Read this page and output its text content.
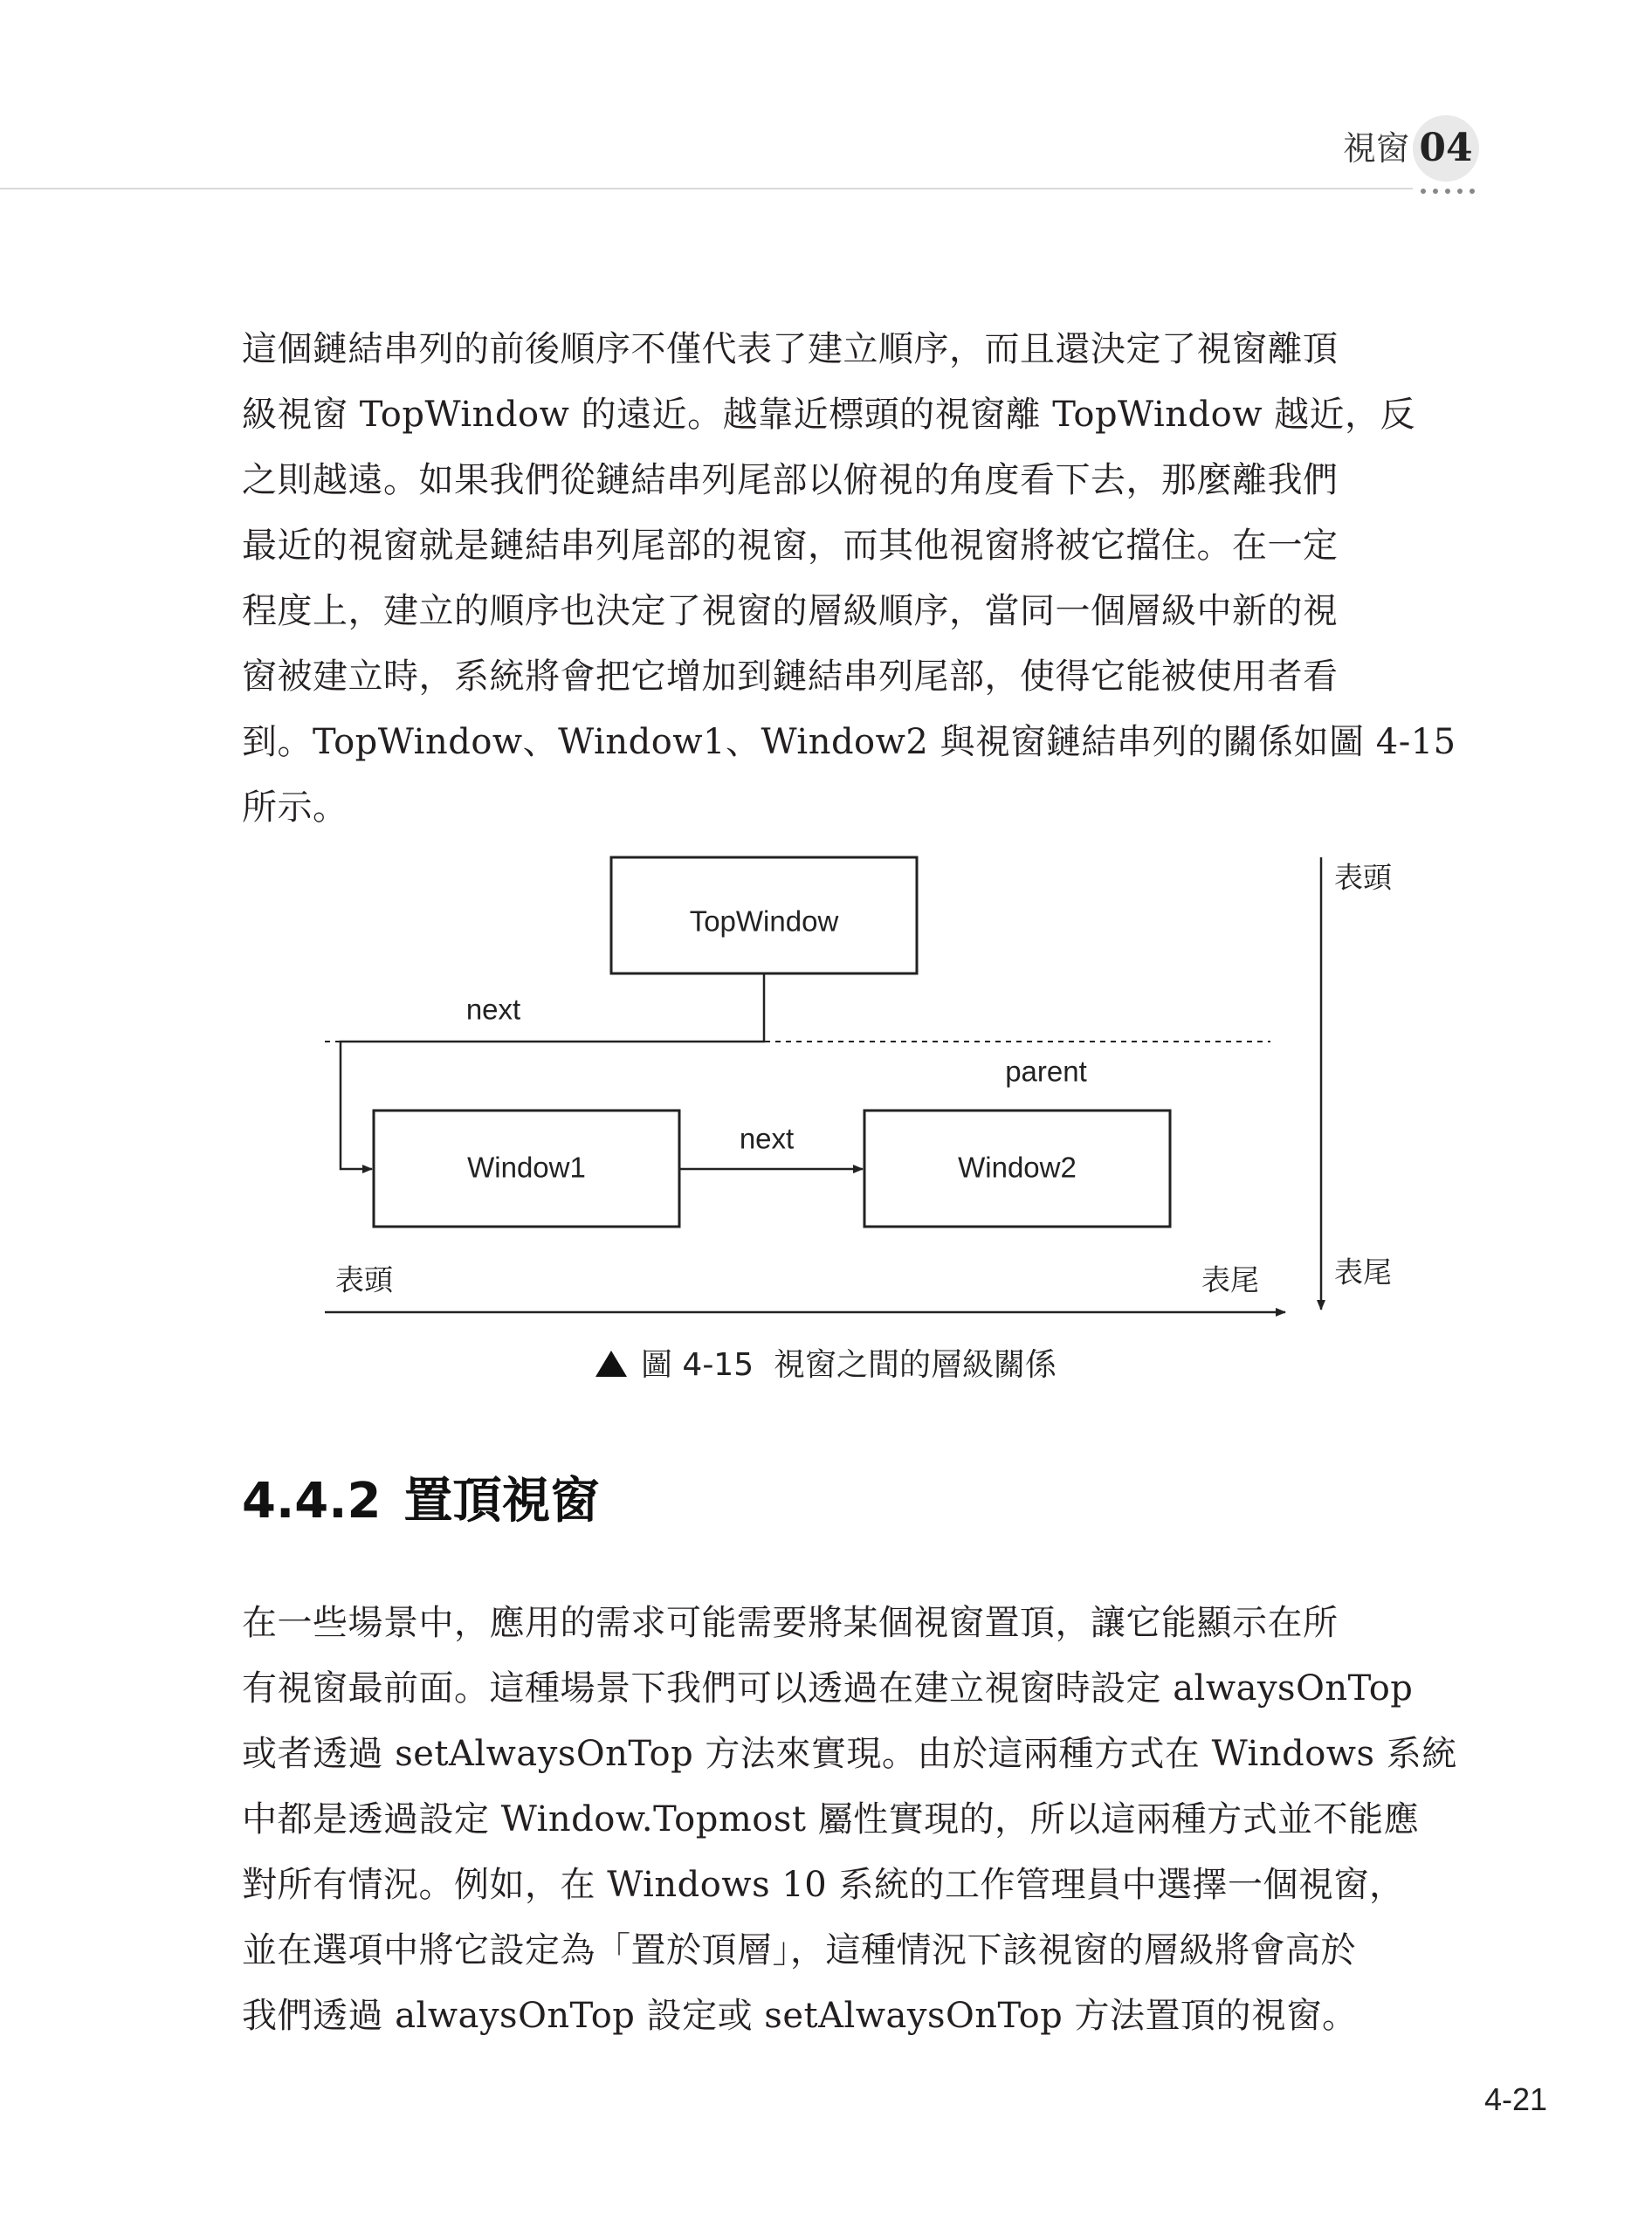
視窗 04

這個鏈結串列的前後順序不僅代表了建立順序，而且還決定了視窗離頂
級視窗 TopWindow 的遠近。越靠近標頭的視窗離 TopWindow 越近，反
之則越遠。如果我們從鏈結串列尾部以俯視的角度看下去，那麼離我們
最近的視窗就是鏈結串列尾部的視窗，而其他視窗將被它擋住。在一定
程度上，建立的順序也決定了視窗的層級順序，當同一個層級中新的視
窗被建立時，系統將會把它增加到鏈結串列尾部，使得它能被使用者看
到。TopWindow、Window1、Window2 與視窗鏈結串列的關係如圖 4-15
所示。

TopWindow
Window1	Window2
next
parent
next
表頭	表尾
表頭
表尾
圖 4-15 視窗之間的層級關係
4.4.2 置頂視窗

在一些場景中，應用的需求可能需要將某個視窗置頂，讓它能顯示在所
有視窗最前面。這種場景下我們可以透過在建立視窗時設定 alwaysOnTop
或者透過 setAlwaysOnTop 方法來實現。由於這兩種方式在 Windows 系統
中都是透過設定 Window.Topmost 屬性實現的，所以這兩種方式並不能應
對所有情況。例如，在 Windows 10 系統的工作管理員中選擇一個視窗，
並在選項中將它設定為「置於頂層」，這種情況下該視窗的層級將會高於
我們透過 alwaysOnTop 設定或 setAlwaysOnTop 方法置頂的視窗。

4-21
